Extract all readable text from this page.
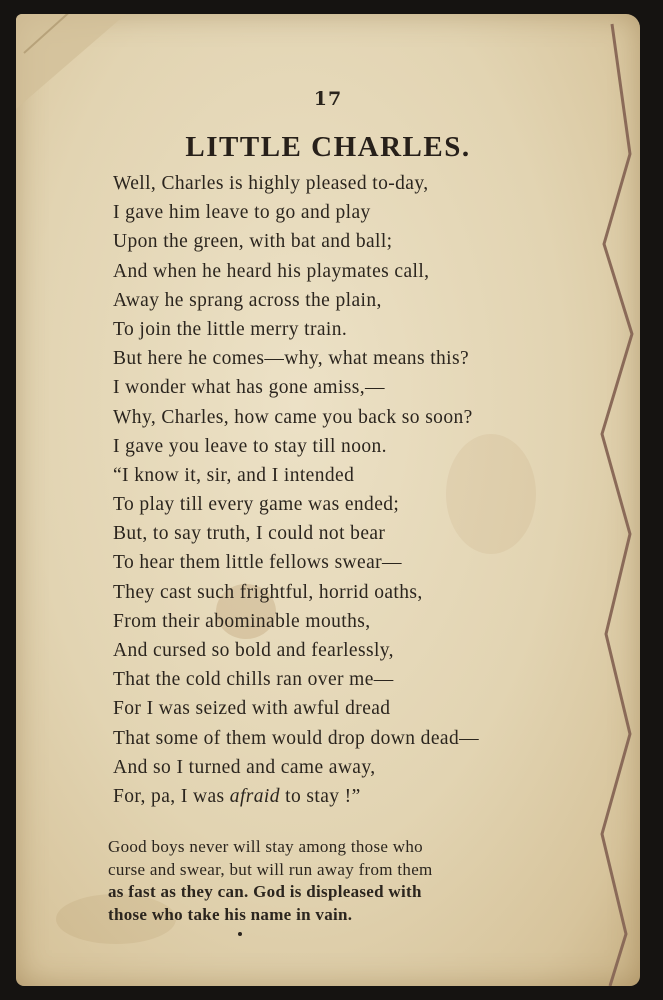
17
LITTLE CHARLES.
Well, Charles is highly pleased to-day,
I gave him leave to go and play
Upon the green, with bat and ball;
And when he heard his playmates call,
Away he sprang across the plain,
To join the little merry train.
But here he comes—why, what means this?
I wonder what has gone amiss,—
Why, Charles, how came you back so soon?
I gave you leave to stay till noon.
“I know it, sir, and I intended
To play till every game was ended;
But, to say truth, I could not bear
To hear them little fellows swear—
They cast such frightful, horrid oaths,
From their abominable mouths,
And cursed so bold and fearlessly,
That the cold chills ran over me—
For I was seized with awful dread
That some of them would drop down dead—
And so I turned and came away,
For, pa, I was afraid to stay !”
Good boys never will stay among those who
curse and swear, but will run away from them
as fast as they can. God is displeased with
those who take his name in vain.
